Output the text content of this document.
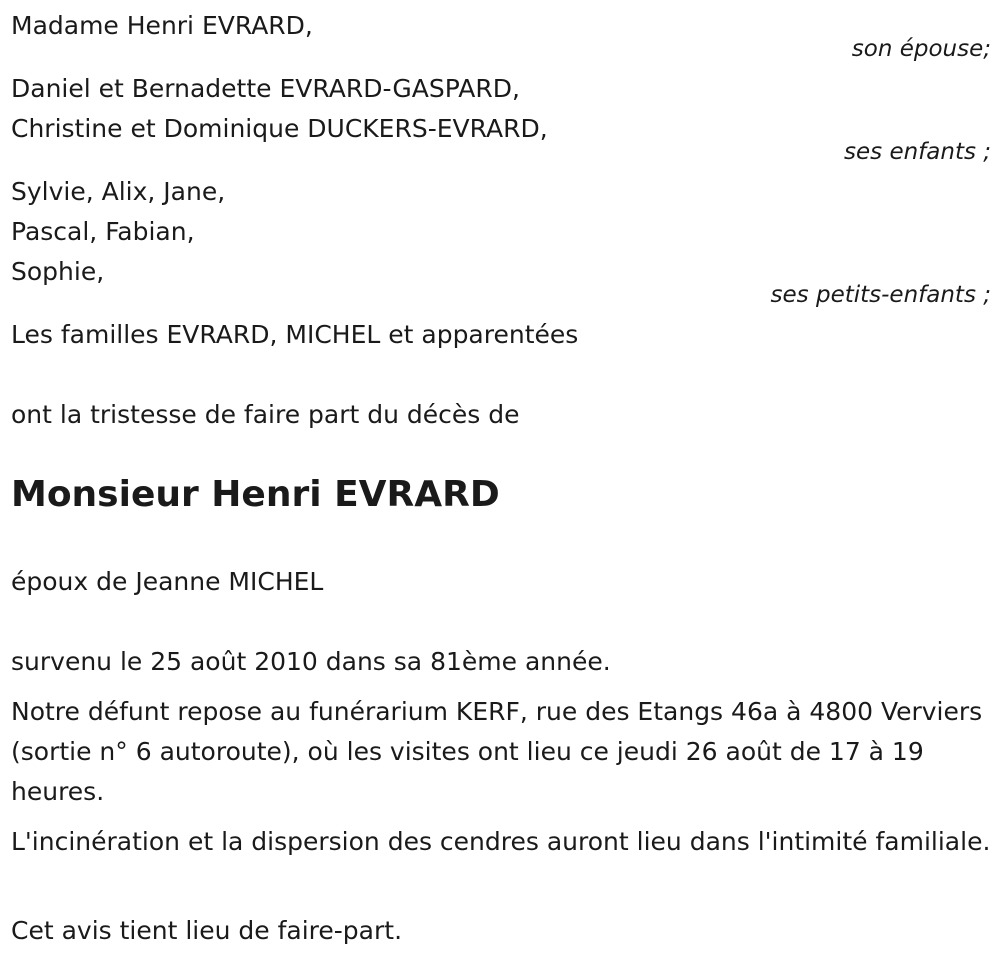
Madame Henri EVRARD,
son épouse;
Daniel et Bernadette EVRARD-GASPARD,
Christine et Dominique DUCKERS-EVRARD,
ses enfants ;
Sylvie, Alix, Jane,
Pascal, Fabian,
Sophie,
ses petits-enfants ;
Les familles EVRARD, MICHEL et apparentées
ont la tristesse de faire part du décès de
Monsieur Henri EVRARD
époux de Jeanne MICHEL
survenu le 25 août 2010 dans sa 81ème année.
Notre défunt repose au funérarium KERF, rue des Etangs 46a à 4800 Verviers (sortie n° 6 autoroute), où les visites ont lieu ce jeudi 26 août de 17 à 19 heures.
L'incinération et la dispersion des cendres auront lieu dans l'intimité familiale.
Cet avis tient lieu de faire-part.
